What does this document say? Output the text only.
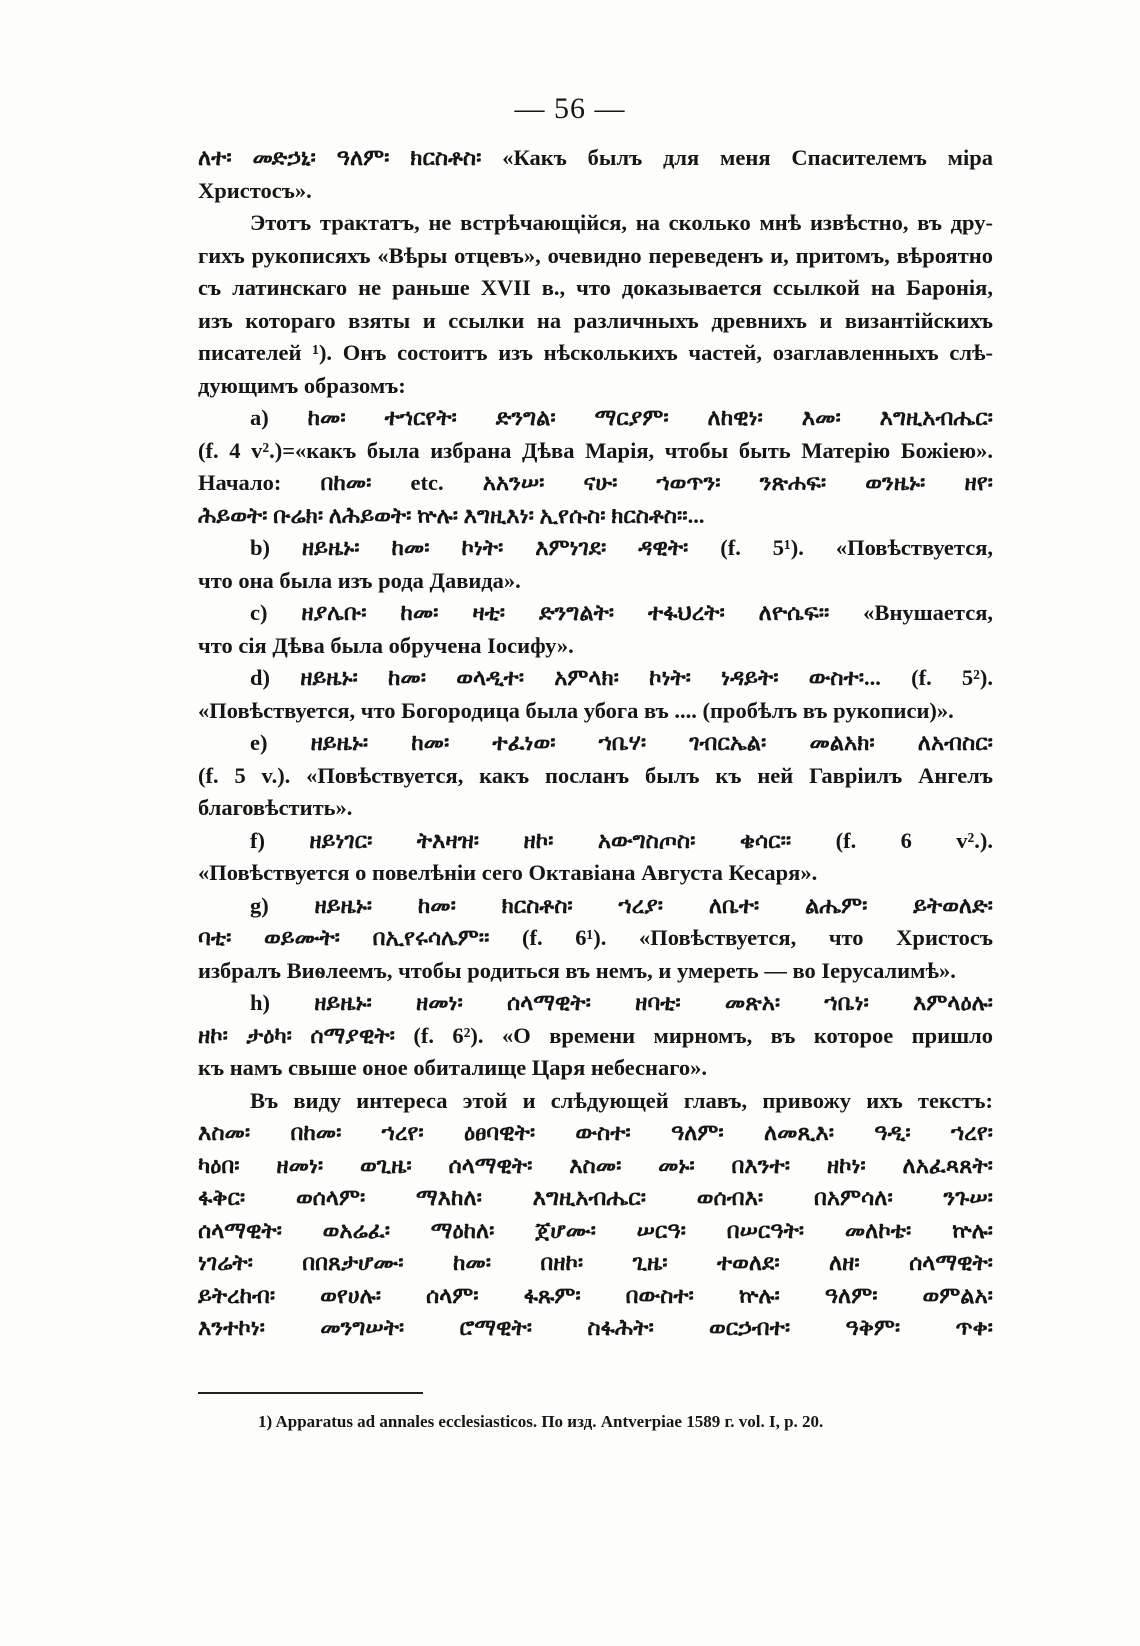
— 56 —
ለተ፡ መድኃኒ፡ ዓለም፡ ክርስቶስ፡ «Какъ былъ для меня Спасителемъ міра
Христосъ».
Этотъ трактатъ, не встрѣчающійся, на сколько мнѣ извѣстно, въ дру-
гихъ рукописяхъ «Вѣры отцевъ», очевидно переведенъ и, притомъ, вѣроятно
съ латинскаго не раньше XVII в., что доказывается ссылкой на Баронія,
изъ котораго взяты и ссылки на различныхъ древнихъ и византійскихъ
писателей ¹). Онъ состоитъ изъ нѣсколькихъ частей, озаглавленныхъ слѣ-
дующимъ образомъ:
a) ከመ፡ ተኀርየት፡ ድንግል፡ ማርያም፡ ለከዊነ፡ እመ፡ እግዚአብሔር፡
(f. 4 v².)=«какъ была избрана Дѣва Марія, чтобы быть Матерію Божіею».
Начало: በከመ፡ etc. አአንሠ፡ ናሁ፡ ኀወጥን፡ ንጽሐፍ፡ ወንዜኑ፡ ዘየ፡
ሕይወት፡ ቡሬክ፡ ለሕይወት፡ ኵሉ፡ እግዚእነ፡ ኢየሱስ፡ ክርስቶስ፡፡...
b) ዘይዜኑ፡ ከመ፡ ኮነት፡ እምነገደ፡ ዳዊት፡ (f. 5¹). «Повѣствуется,
что она была изъ рода Давида».
c) ዘያሌቡ፡ ከመ፡ ዛቲ፡ ድንግልት፡ ተፋህረት፡ ለዮሴፍ፡፡ «Внушается,
что сія Дѣва была обручена Іосифу».
d) ዘይዜኑ፡ ከመ፡ ወላዲተ፡ አምላክ፡ ኮነት፡ ነዳይት፡ ውስተ፡... (f. 5²).
«Повѣствуется, что Богородица была убога въ .... (пробѣлъ въ рукописи)».
e) ዘይዜኑ፡ ከመ፡ ተፈነወ፡ ኀቤሃ፡ ገብርኤል፡ መልአክ፡ ለአብስር፡
(f. 5 v.). «Повѣствуется, какъ посланъ былъ къ ней Гавріилъ Ангелъ
благовѣстить».
f) ዘይነገር፡ ትእዛዝ፡ ዘኮ፡ አውግስጦስ፡ ቄሳር፡፡ (f. 6 v².).
«Повѣствуется о повелѣніи сего Октавіана Августа Кесаря».
g) ዘይዜኑ፡ ከመ፡ ክርስቶስ፡ ኀረያ፡ ለቤተ፡ ልሔም፡ ይትወለድ፡
ባቲ፡ ወይሙት፡ በኢየሩሳሌም፡፡ (f. 6¹). «Повѣствуется, что Христосъ
избралъ Виѳлеемъ, чтобы родиться въ немъ, и умереть — во Іерусалимѣ».
h) ዘይዜኑ፡ ዘመነ፡ ሰላማዊት፡ ዘባቲ፡ መጽአ፡ ኀቤነ፡ እምላዕሉ፡
ዘኮ፡ ታዕካ፡ ሰማያዊት፡ (f. 6²). «О времени мирномъ, въ которое пришло
къ намъ свыше оное обиталище Царя небеснаго».
Въ виду интереса этой и слѣдующей главъ, привожу ихъ текстъ:
እስመ፡ በከመ፡ ኀረየ፡ ዕፀባዊት፡ ውስተ፡ ዓለም፡ ለመጺእ፡ ዓዲ፡ ኀረየ፡
ካዕበ፡ ዘመነ፡ ወጊዜ፡ ሰላማዊት፡ እስመ፡ መኑ፡ በእንተ፡ ዘኮነ፡ ለአፈጻጸት፡
ፋቅር፡ ወሰላም፡ ማእከለ፡ እግዚአብሔር፡ ወሰብእ፡ በአምሳለ፡ ንጉሠ፡
ሰላማዊት፡ ወአሬፈ፡ ማዕከለ፡ ጀሆሙ፡ ሠርዓ፡ በሠርዓት፡ መለኮቴ፡ ኵሉ፡
ነገሬት፡ በበጸታሆሙ፡ ከመ፡ በዘኮ፡ ጊዜ፡ ተወለደ፡ ለዘ፡ ሰላማዊት፡
ይትረከብ፡ ወየሀሉ፡ ሰላም፡ ፋጹም፡ በውስተ፡ ኵሉ፡ ዓለም፡ ወምልአ፡
እንተኮነ፡ መንግሠት፡ ሮማዊት፡ ስፋሕት፡ ወርኃብተ፡ ዓቅም፡ ጥቀ፡
1) Apparatus ad annales ecclesiasticos. По изд. Antverpiae 1589 г. vol. I, p. 20.
